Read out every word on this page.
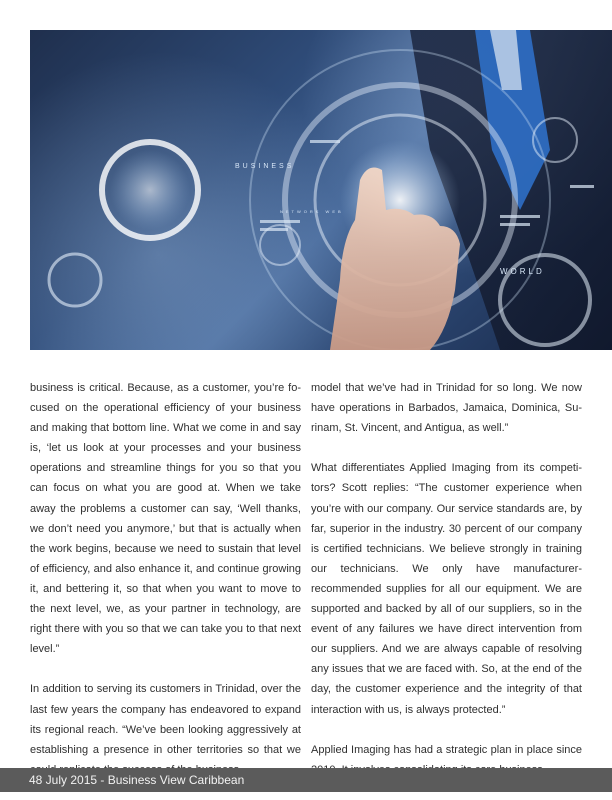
BUSINESS
WORLD
NETWORK WEB

business is critical. Because, as a customer, you’re focused on the operational efficiency of your business and making that bottom line. What we come in and say is, ‘let us look at your processes and your business operations and streamline things for you so that you can focus on what you are good at. When we take away the problems a customer can say, ‘Well thanks, we don’t need you anymore,’ but that is actually when the work begins, because we need to sustain that level of efficiency, and also enhance it, and continue growing it, and bettering it, so that when you want to move to the next level, we, as your partner in technology, are right there with you so that we can take you to that next level.”

In addition to serving its customers in Trinidad, over the last few years the company has endeavored to expand its regional reach. “We’ve been looking aggressively at establishing a presence in other territories so that we

model that we’ve had in Trinidad for so long. We now have operations in Barbados, Jamaica, Dominica, Surinam, St. Vincent, and Antigua, as well.”

What differentiates Applied Imaging from its competitors? Scott replies: “The customer experience when you’re with our company. Our service standards are, by far, superior in the industry. 30 percent of our company is certified technicians. We believe strongly in training our technicians. We only have manufacturer-recommended supplies for all our equipment. We are supported and backed by all of our suppliers, so in the event of any failures we have direct intervention from our suppliers. And we are always capable of resolving any issues that we are faced with. So, at the end of the day, the customer experience and the integrity of that interaction with us, is always protected.”

Applied Imaging has had a strategic plan in place since

48 July 2015 - Business View Caribbean
